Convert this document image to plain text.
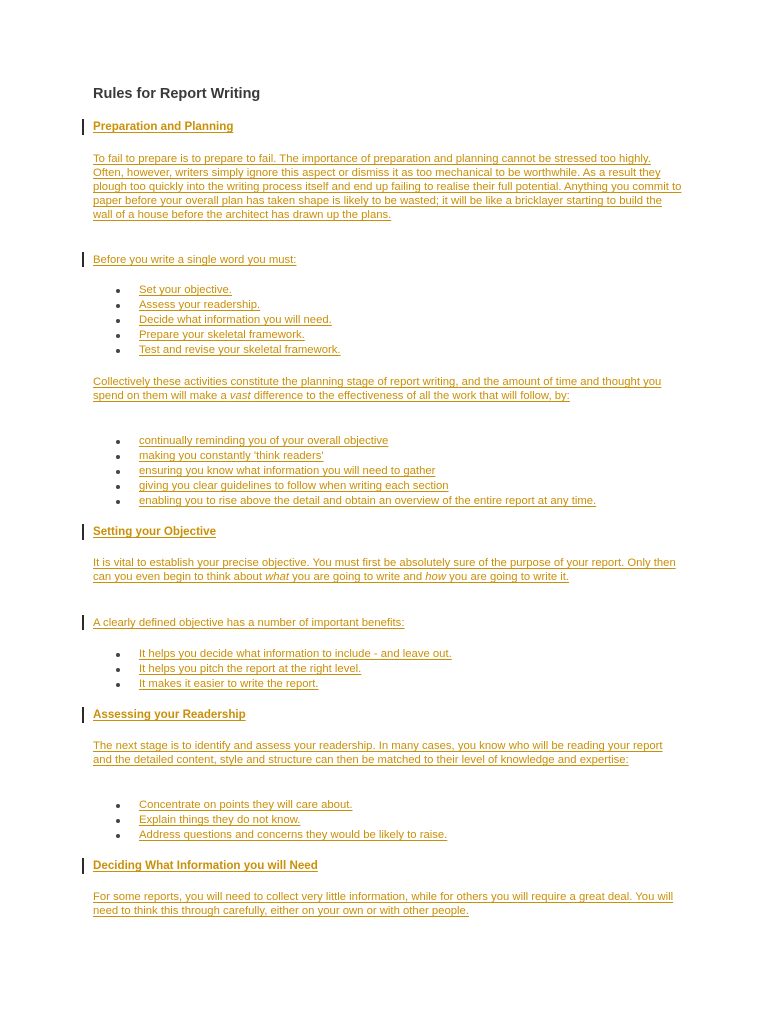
Rules for Report Writing
Preparation and Planning
To fail to prepare is to prepare to fail. The importance of preparation and planning cannot be stressed too highly. Often, however, writers simply ignore this aspect or dismiss it as too mechanical to be worthwhile. As a result they plough too quickly into the writing process itself and end up failing to realise their full potential. Anything you commit to paper before your overall plan has taken shape is likely to be wasted; it will be like a bricklayer starting to build the wall of a house before the architect has drawn up the plans.
Before you write a single word you must:
Set your objective.
Assess your readership.
Decide what information you will need.
Prepare your skeletal framework.
Test and revise your skeletal framework.
Collectively these activities constitute the planning stage of report writing, and the amount of time and thought you spend on them will make a vast difference to the effectiveness of all the work that will follow, by:
continually reminding you of your overall objective
making you constantly 'think readers'
ensuring you know what information you will need to gather
giving you clear guidelines to follow when writing each section
enabling you to rise above the detail and obtain an overview of the entire report at any time.
Setting your Objective
It is vital to establish your precise objective. You must first be absolutely sure of the purpose of your report. Only then can you even begin to think about what you are going to write and how you are going to write it.
A clearly defined objective has a number of important benefits:
It helps you decide what information to include - and leave out.
It helps you pitch the report at the right level.
It makes it easier to write the report.
Assessing your Readership
The next stage is to identify and assess your readership. In many cases, you know who will be reading your report and the detailed content, style and structure can then be matched to their level of knowledge and expertise:
Concentrate on points they will care about.
Explain things they do not know.
Address questions and concerns they would be likely to raise.
Deciding What Information you will Need
For some reports, you will need to collect very little information, while for others you will require a great deal. You will need to think this through carefully, either on your own or with other people.
